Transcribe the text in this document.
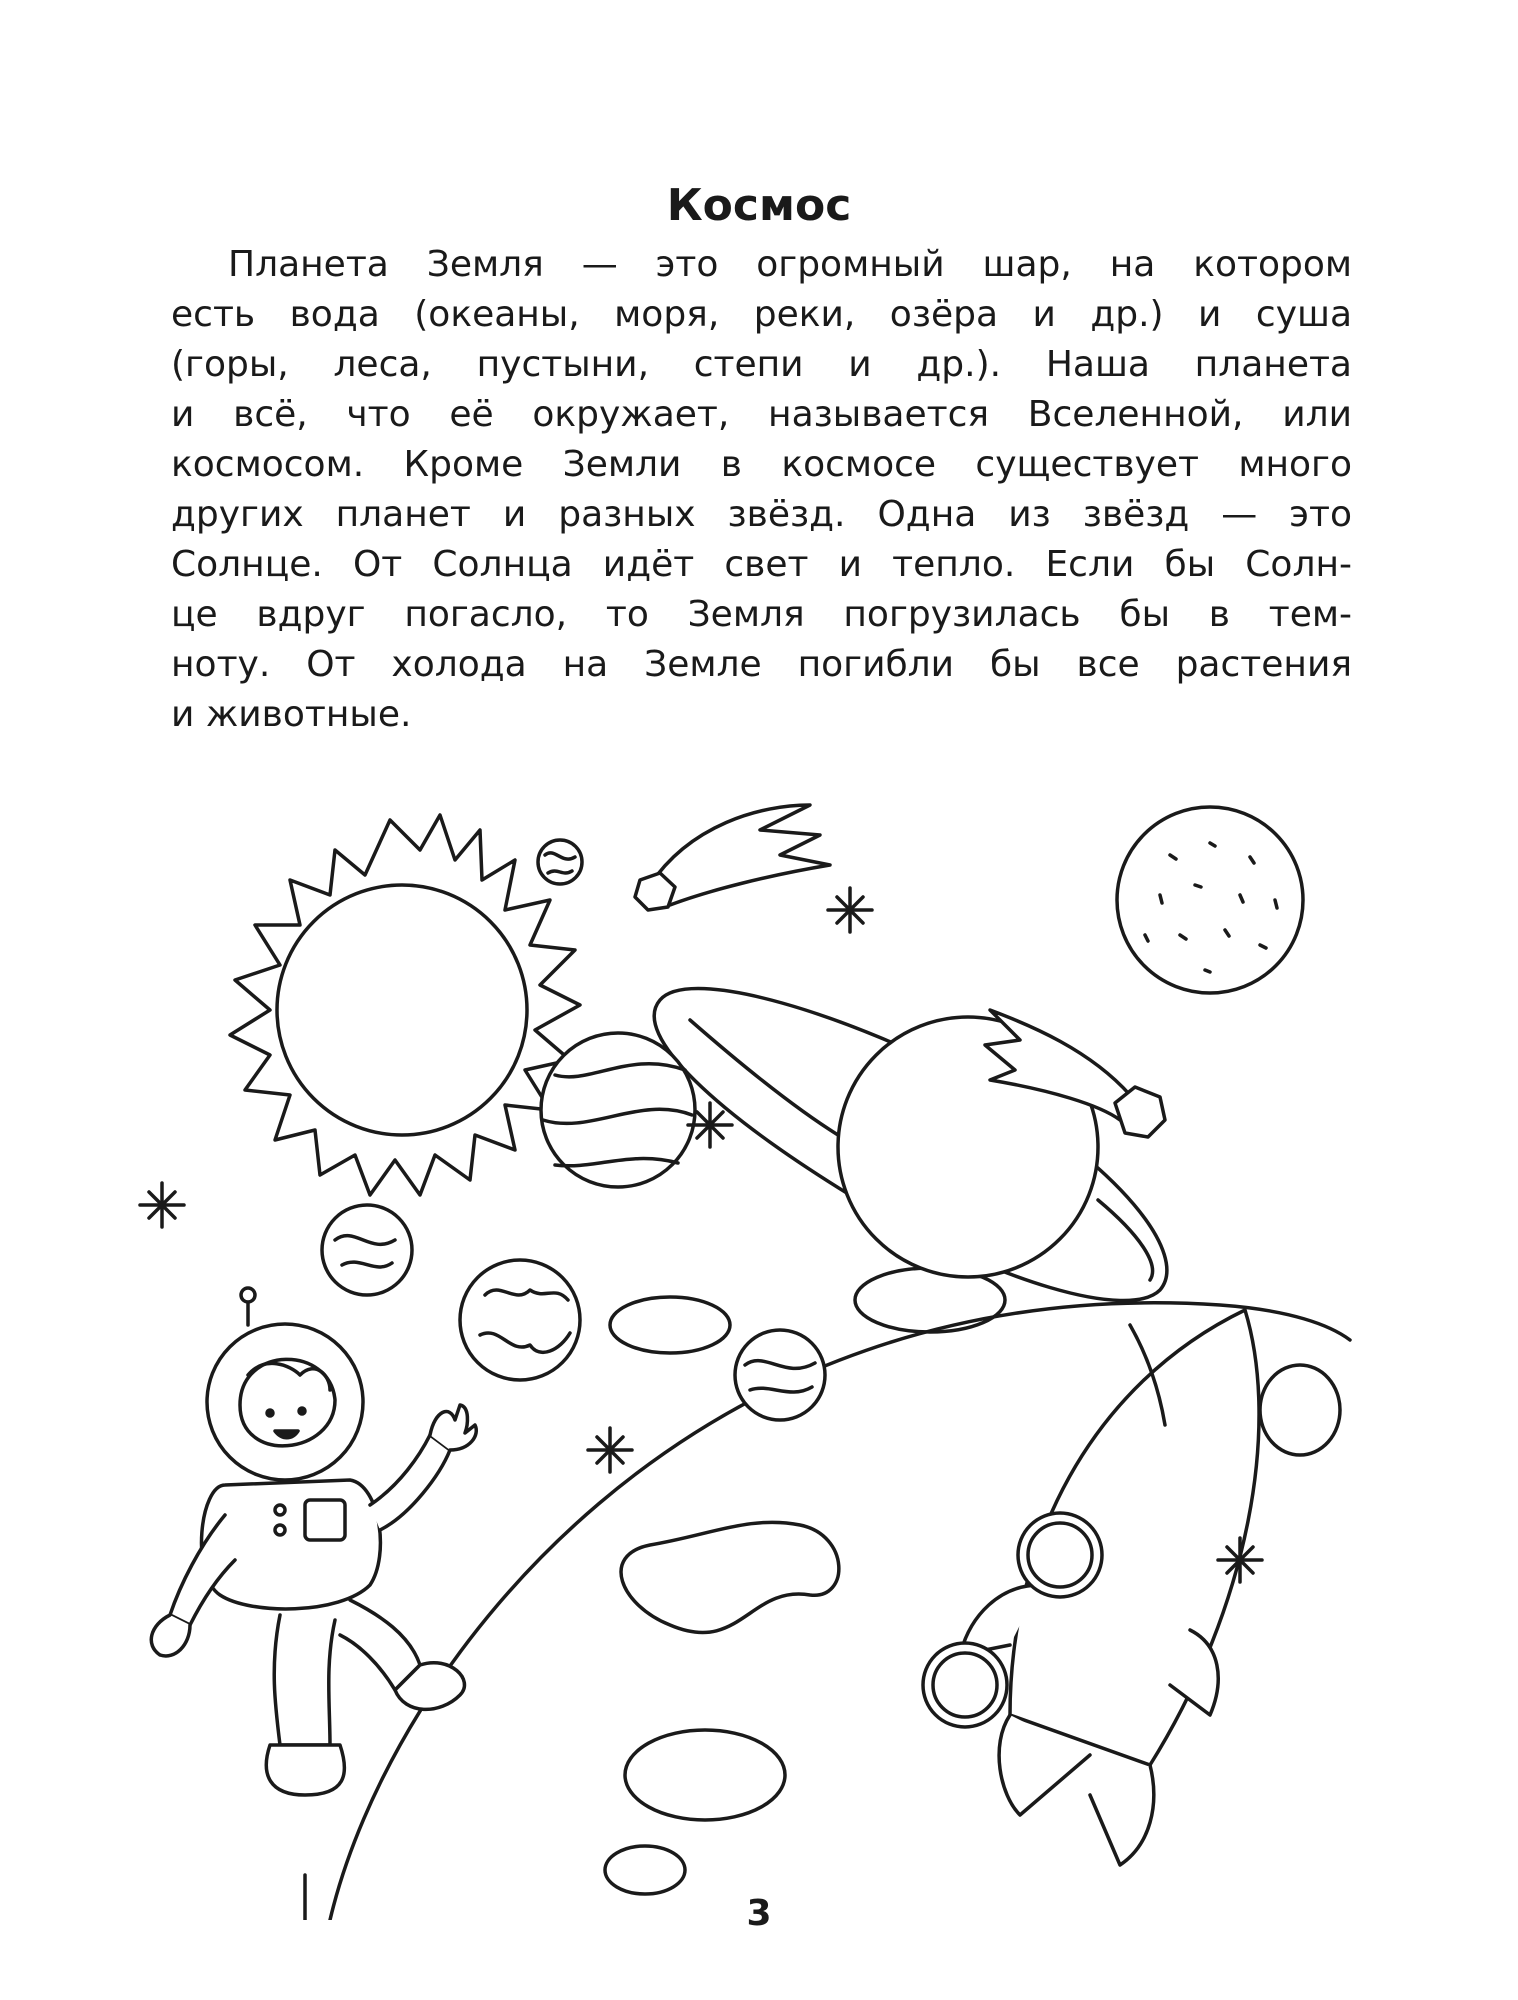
Космос
Планета Земля — это огромный шар, на котором
есть вода (океаны, моря, реки, озёра и др.) и суша
(горы, леса, пустыни, степи и др.). Наша планета
и всё, что её окружает, называется Вселенной, или
космосом. Кроме Земли в космосе существует много
других планет и разных звёзд. Одна из звёзд — это
Солнце. От Солнца идёт свет и тепло. Если бы Солн-
це вдруг погасло, то Земля погрузилась бы в тем-
ноту. От холода на Земле погибли бы все растения
и животные.
3
